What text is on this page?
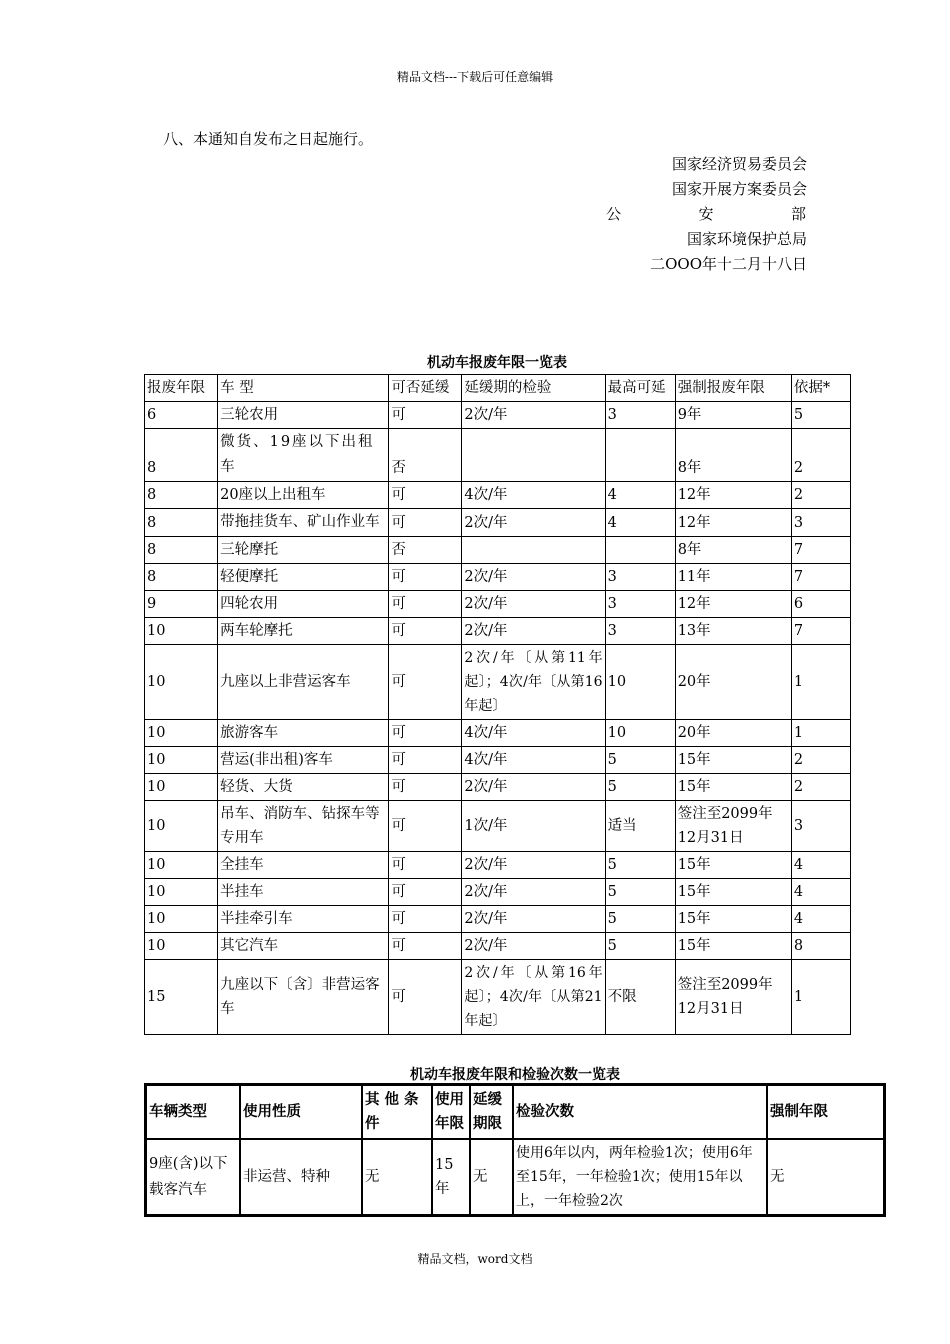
精品文档---下载后可任意编辑
八、本通知自发布之日起施行。
国家经济贸易委员会
国家开展方案委员会
公	安	部
国家环境保护总局
二OOO年十二月十八日
机动车报废年限一览表
报废年限	车 型	可否延缓	延缓期的检验	最高可延	强制报废年限	依据*
6	三轮农用	可	2次/年	3	9年	5
8	微货、19座以下出租车	否			8年	2
8	20座以上出租车	可	4次/年	4	12年	2
8	带拖挂货车、矿山作业车	可	2次/年	4	12年	3
8	三轮摩托	否			8年	7
8	轻便摩托	可	2次/年	3	11年	7
9	四轮农用	可	2次/年	3	12年	6
10	两车轮摩托	可	2次/年	3	13年	7
10	九座以上非营运客车	可	2次/年〔从第11年起〕；4次/年〔从第16年起〕	10	20年	1
10	旅游客车	可	4次/年	10	20年	1
10	营运(非出租)客车	可	4次/年	5	15年	2
10	轻货、大货	可	2次/年	5	15年	2
10	吊车、消防车、钻探车等专用车	可	1次/年	适当	签注至2099年12月31日	3
10	全挂车	可	2次/年	5	15年	4
10	半挂车	可	2次/年	5	15年	4
10	半挂牵引车	可	2次/年	5	15年	4
10	其它汽车	可	2次/年	5	15年	8
15	九座以下〔含〕非营运客车	可	2次/年〔从第16年起〕；4次/年〔从第21年起〕	不限	签注至2099年12月31日	1
机动车报废年限和检验次数一览表
车辆类型	使用性质	其他条件	使用年限	延缓期限	检验次数	强制年限
9座(含)以下载客汽车	非运营、特种	无	15年	无	使用6年以内，两年检验1次；使用6年至15年，一年检验1次；使用15年以上，一年检验2次	无
精品文档，word文档
